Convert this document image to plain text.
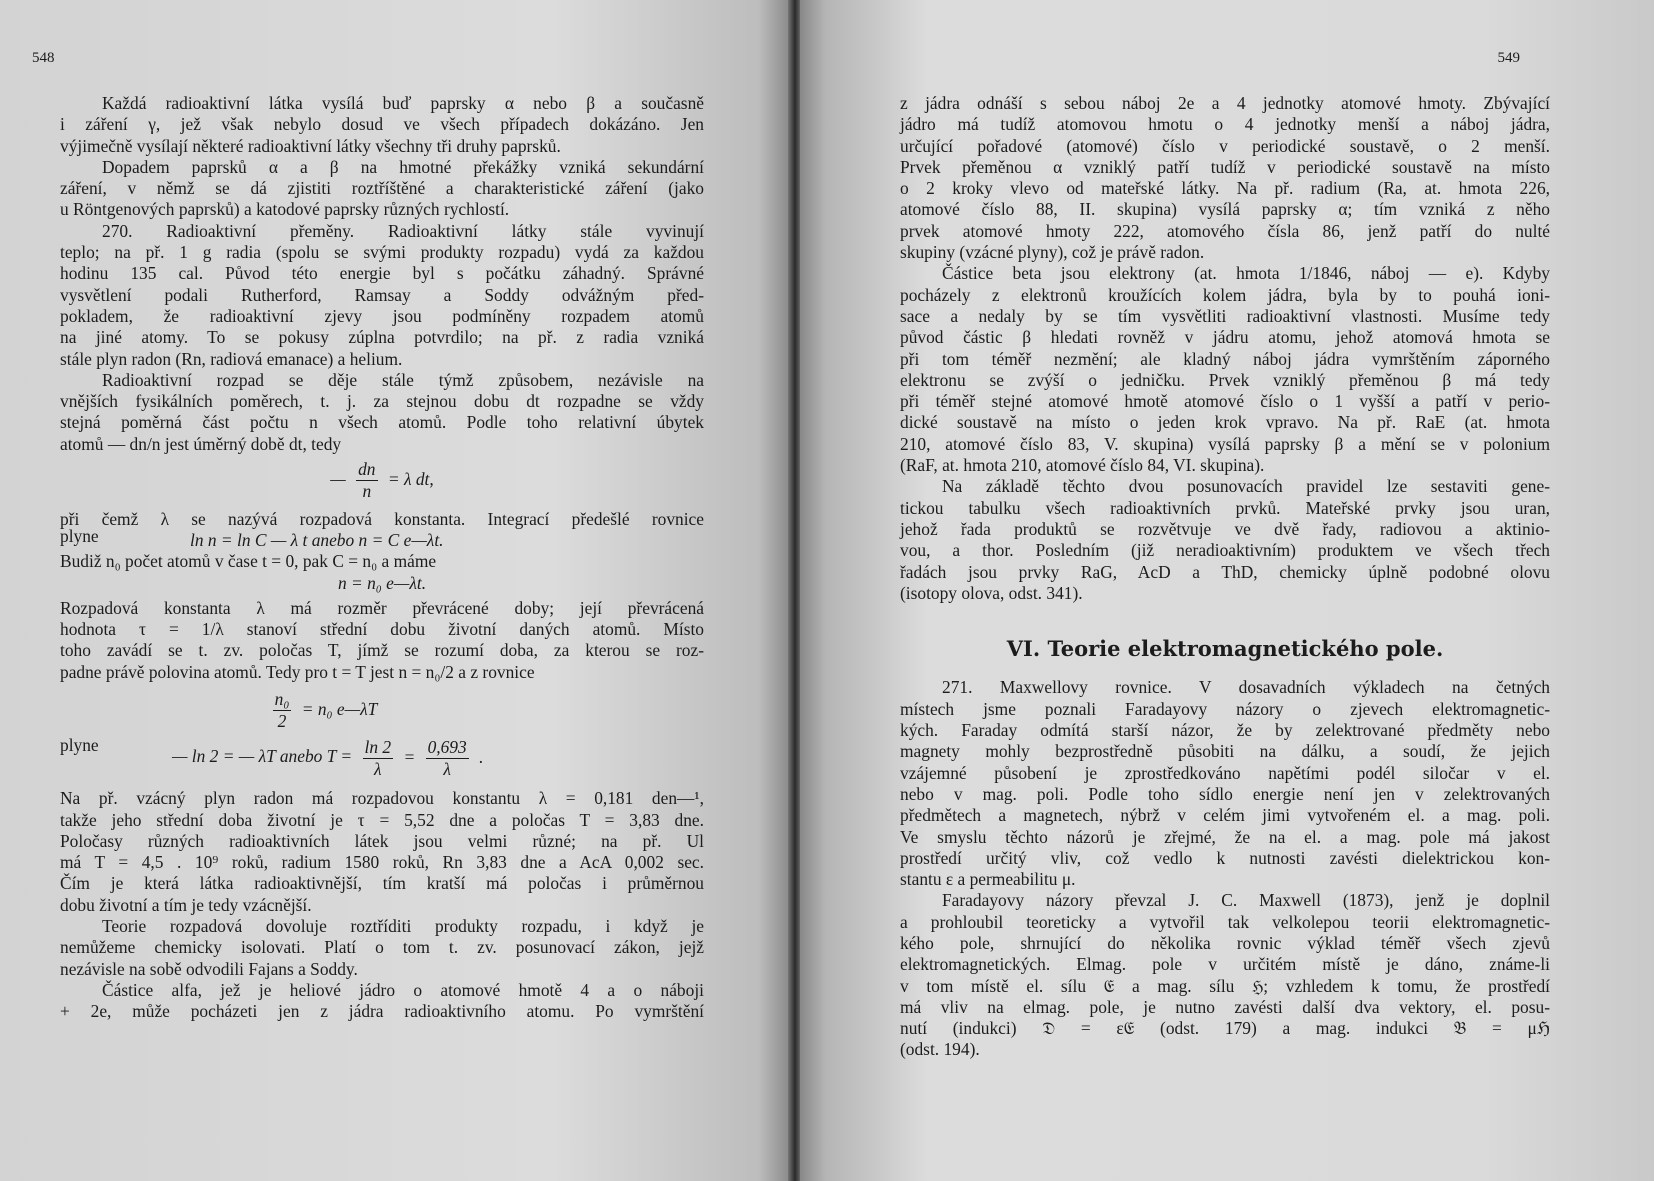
548
Každá radioaktivní látka vysílá buď paprsky α nebo β a současně
i záření γ, jež však nebylo dosud ve všech případech dokázáno. Jen
výjimečně vysílají některé radioaktivní látky všechny tři druhy paprsků.
Dopadem paprsků α a β na hmotné překážky vzniká sekundární
záření, v němž se dá zjistiti roztříštěné a charakteristické záření (jako
u Röntgenových paprsků) a katodové paprsky různých rychlostí.
270. Radioaktivní přeměny. Radioaktivní látky stále vyvinují
teplo; na př. 1 g radia (spolu se svými produkty rozpadu) vydá za každou
hodinu 135 cal. Původ této energie byl s počátku záhadný. Správné
vysvětlení podali Rutherford, Ramsay a Soddy odvážným před-
pokladem, že radioaktivní zjevy jsou podmíněny rozpadem atomů
na jiné atomy. To se pokusy zúplna potvrdilo; na př. z radia vzniká
stále plyn radon (Rn, radiová emanace) a helium.
Radioaktivní rozpad se děje stále týmž způsobem, nezávisle na
vnějších fysikálních poměrech, t. j. za stejnou dobu dt rozpadne se vždy
stejná poměrná část počtu n všech atomů. Podle toho relativní úbytek
atomů — dn/n jest úměrný době dt, tedy
— $\frac{dn}{n} = \lambda$ dt,
při čemž λ se nazývá rozpadová konstanta. Integrací předešlé rovnice
plyne	ln n = ln C — λ t anebo n = C e—λt.
Budiž n₀ počet atomů v čase t = 0, pak C = n₀ a máme
n = n₀ e—λt.
Rozpadová konstanta λ má rozměr převrácené doby; její převrácená
hodnota τ = 1/λ stanoví střední dobu životní daných atomů. Místo
toho zavádí se t. zv. poločas T, jímž se rozumí doba, za kterou se roz-
padne právě polovina atomů. Tedy pro t = T jest n = n₀/2 a z rovnice
$\frac{\text{n₀}}{2} = n_0$ e—λT
plyne
— ln 2 = — λT anebo $T = \frac{\ln 2}{\lambda} = \frac{0,693}{\lambda}$ .
Na př. vzácný plyn radon má rozpadovou konstantu λ = 0,181 den—¹,
takže jeho střední doba životní je τ = 5,52 dne a poločas T = 3,83 dne.
Poločasy různých radioaktivních látek jsou velmi různé; na př. Ul
má T = 4,5 . 10⁹ roků, radium 1580 roků, Rn 3,83 dne a AcA 0,002 sec.
Čím je která látka radioaktivnější, tím kratší má poločas i průměrnou
dobu životní a tím je tedy vzácnější.
Teorie rozpadová dovoluje roztříditi produkty rozpadu, i když je
nemůžeme chemicky isolovati. Platí o tom t. zv. posunovací zákon, jejž
nezávisle na sobě odvodili Fajans a Soddy.
Částice alfa, jež je heliové jádro o atomové hmotě 4 a o náboji
+ 2e, může pocházeti jen z jádra radioaktivního atomu. Po vymrštění
549
z jádra odnáší s sebou náboj 2e a 4 jednotky atomové hmoty. Zbývající
jádro má tudíž atomovou hmotu o 4 jednotky menší a náboj jádra,
určující pořadové (atomové) číslo v periodické soustavě, o 2 menší.
Prvek přeměnou α vzniklý patří tudíž v periodické soustavě na místo
o 2 kroky vlevo od mateřské látky. Na př. radium (Ra, at. hmota 226,
atomové číslo 88, II. skupina) vysílá paprsky α; tím vzniká z něho
prvek atomové hmoty 222, atomového čísla 86, jenž patří do nulté
skupiny (vzácné plyny), což je právě radon.
Částice beta jsou elektrony (at. hmota 1/1846, náboj — e). Kdyby
pocházely z elektronů kroužících kolem jádra, byla by to pouhá ioni-
sace a nedaly by se tím vysvětliti radioaktivní vlastnosti. Musíme tedy
původ částic β hledati rovněž v jádru atomu, jehož atomová hmota se
při tom téměř nezmění; ale kladný náboj jádra vymrštěním záporného
elektronu se zvýší o jedničku. Prvek vzniklý přeměnou β má tedy
při téměř stejné atomové hmotě atomové číslo o 1 vyšší a patří v perio-
dické soustavě na místo o jeden krok vpravo. Na př. RaE (at. hmota
210, atomové číslo 83, V. skupina) vysílá paprsky β a mění se v polonium
(RaF, at. hmota 210, atomové číslo 84, VI. skupina).
Na základě těchto dvou posunovacích pravidel lze sestaviti gene-
tickou tabulku všech radioaktivních prvků. Mateřské prvky jsou uran,
jehož řada produktů se rozvětvuje ve dvě řady, radiovou a aktinio-
vou, a thor. Posledním (již neradioaktivním) produktem ve všech třech
řadách jsou prvky RaG, AcD a ThD, chemicky úplně podobné olovu
(isotopy olova, odst. 341).
VI. Teorie elektromagnetického pole.
271. Maxwellovy rovnice. V dosavadních výkladech na četných
místech jsme poznali Faradayovy názory o zjevech elektromagnetic-
kých. Faraday odmítá starší názor, že by zelektrované předměty nebo
magnety mohly bezprostředně působiti na dálku, a soudí, že jejich
vzájemné působení je zprostředkováno napětími podél siločar v el.
nebo v mag. poli. Podle toho sídlo energie není jen v zelektrovaných
předmětech a magnetech, nýbrž v celém jimi vytvořeném el. a mag. poli.
Ve smyslu těchto názorů je zřejmé, že na el. a mag. pole má jakost
prostředí určitý vliv, což vedlo k nutnosti zavésti dielektrickou kon-
stantu ε a permeabilitu μ.
Faradayovy názory převzal J. C. Maxwell (1873), jenž je doplnil
a prohloubil teoreticky a vytvořil tak velkolepou teorii elektromagnetic-
kého pole, shrnující do několika rovnic výklad téměř všech zjevů
elektromagnetických. Elmag. pole v určitém místě je dáno, známe-li
v tom místě el. sílu 𝔈 a mag. sílu ℌ; vzhledem k tomu, že prostředí
má vliv na elmag. pole, je nutno zavésti další dva vektory, el. posu-
nutí (indukci) 𝔇 = ε𝔈 (odst. 179) a mag. indukci 𝔅 = μℌ
(odst. 194).
